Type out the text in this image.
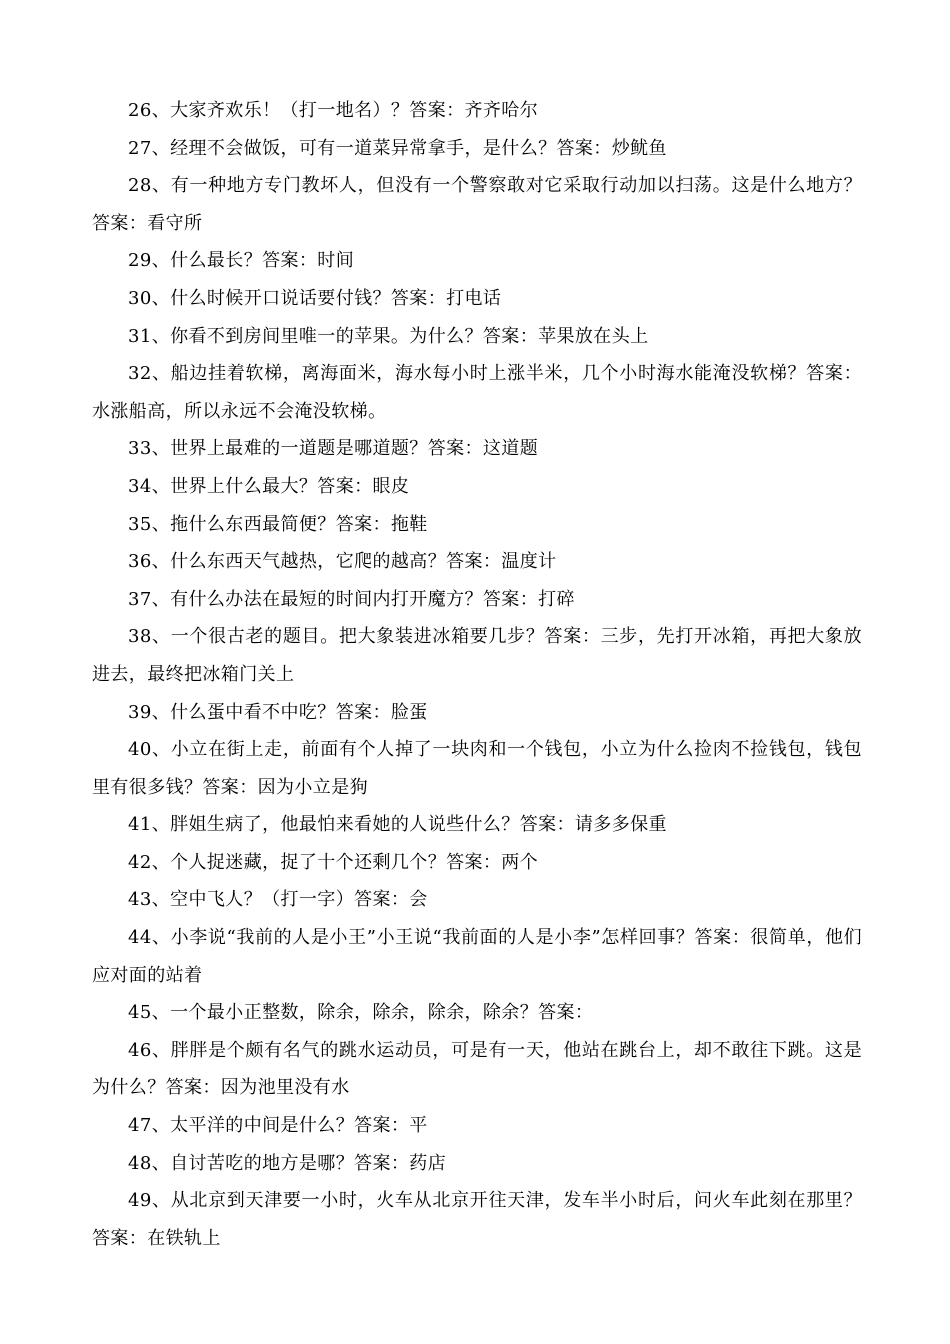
26、大家齐欢乐！（打一地名）？答案：齐齐哈尔

27、经理不会做饭，可有一道菜异常拿手，是什么？答案：炒鱿鱼

28、有一种地方专门教坏人，但没有一个警察敢对它采取行动加以扫荡。这是什么地方？答案：看守所

29、什么最长？答案：时间

30、什么时候开口说话要付钱？答案：打电话

31、你看不到房间里唯一的苹果。为什么？答案：苹果放在头上

32、船边挂着软梯，离海面米，海水每小时上涨半米，几个小时海水能淹没软梯？答案：水涨船高，所以永远不会淹没软梯。

33、世界上最难的一道题是哪道题？答案：这道题

34、世界上什么最大？答案：眼皮

35、拖什么东西最简便？答案：拖鞋

36、什么东西天气越热，它爬的越高？答案：温度计

37、有什么办法在最短的时间内打开魔方？答案：打碎

38、一个很古老的题目。把大象装进冰箱要几步？答案：三步，先打开冰箱，再把大象放进去，最终把冰箱门关上

39、什么蛋中看不中吃？答案：脸蛋

40、小立在街上走，前面有个人掉了一块肉和一个钱包，小立为什么捡肉不捡钱包，钱包里有很多钱？答案：因为小立是狗

41、胖姐生病了，他最怕来看她的人说些什么？答案：请多多保重

42、个人捉迷藏，捉了十个还剩几个？答案：两个

43、空中飞人？（打一字）答案：会

44、小李说“我前的人是小王”小王说“我前面的人是小李”怎样回事？答案：很简单，他们应对面的站着

45、一个最小正整数，除余，除余，除余，除余？答案：

46、胖胖是个颇有名气的跳水运动员，可是有一天，他站在跳台上，却不敢往下跳。这是为什么？答案：因为池里没有水

47、太平洋的中间是什么？答案：平

48、自讨苦吃的地方是哪？答案：药店

49、从北京到天津要一小时，火车从北京开往天津，发车半小时后，问火车此刻在那里？答案：在铁轨上
